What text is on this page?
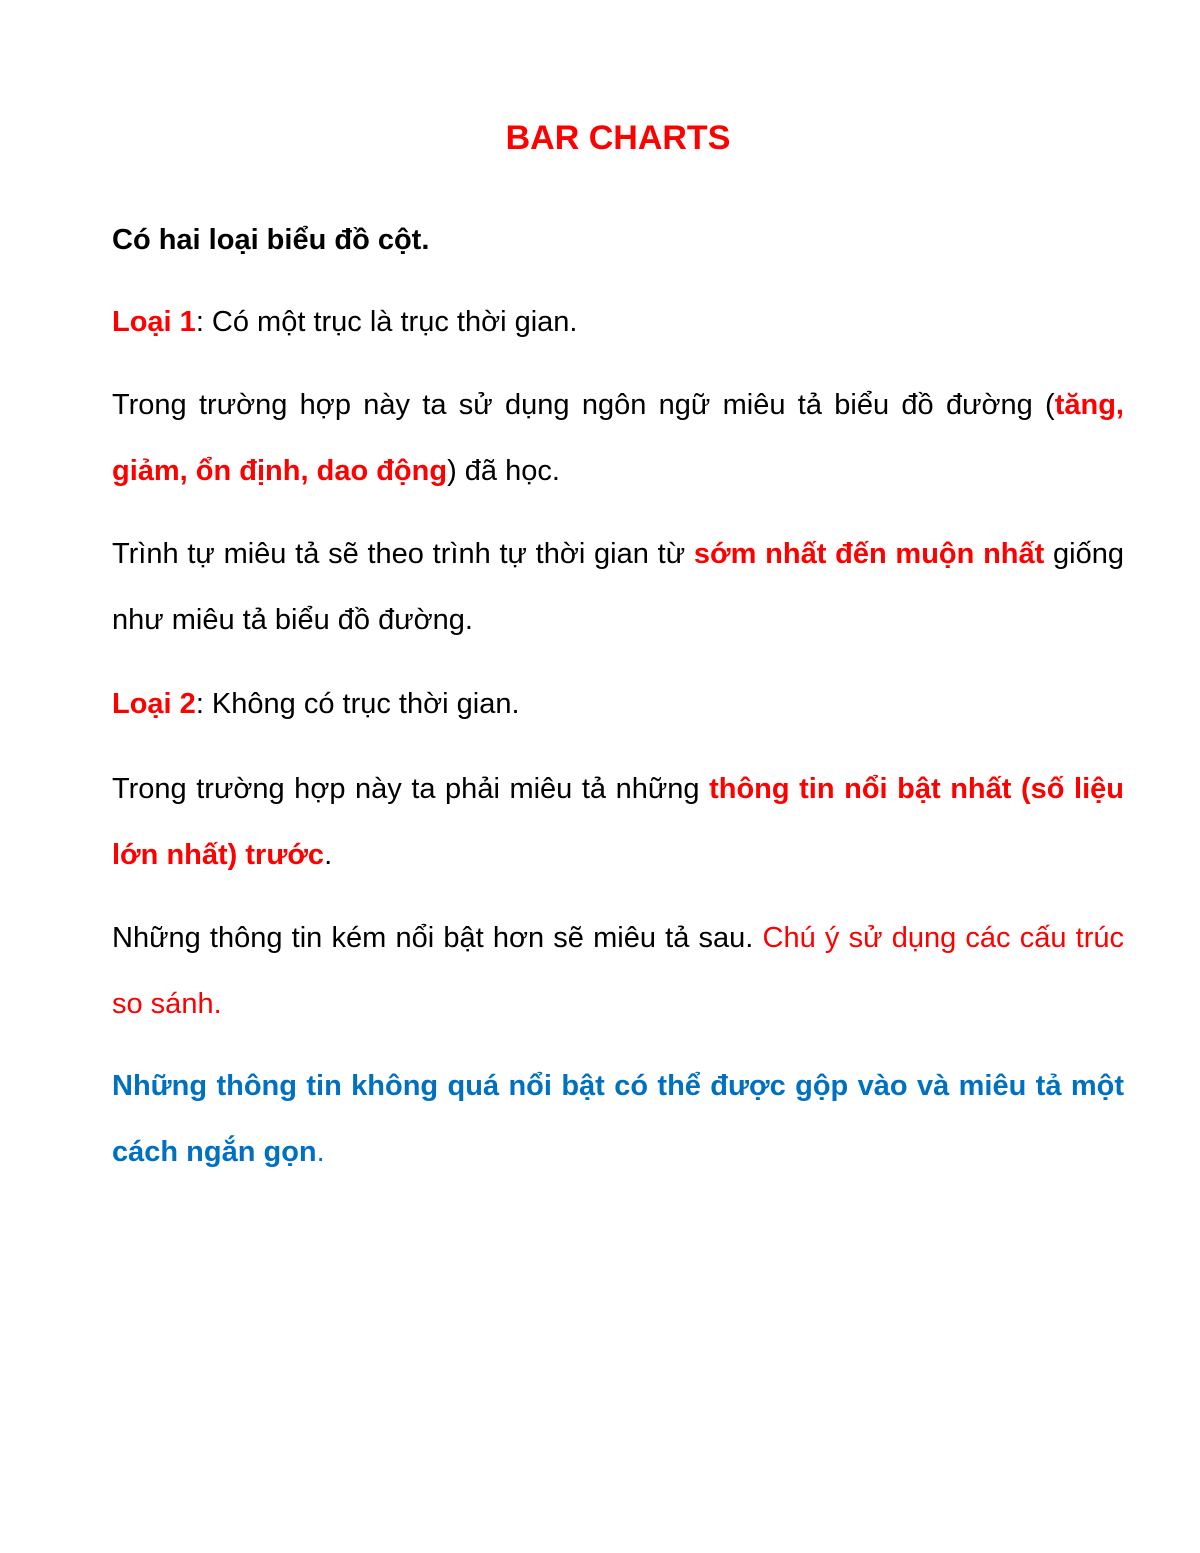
BAR CHARTS

Có hai loại biểu đồ cột.

Loại 1: Có một trục là trục thời gian.

Trong trường hợp này ta sử dụng ngôn ngữ miêu tả biểu đồ đường (tăng, giảm, ổn định, dao động) đã học.

Trình tự miêu tả sẽ theo trình tự thời gian từ sớm nhất đến muộn nhất giống như miêu tả biểu đồ đường.

Loại 2: Không có trục thời gian.

Trong trường hợp này ta phải miêu tả những thông tin nổi bật nhất (số liệu lớn nhất) trước.

Những thông tin kém nổi bật hơn sẽ miêu tả sau. Chú ý sử dụng các cấu trúc so sánh.

Những thông tin không quá nổi bật có thể được gộp vào và miêu tả một cách ngắn gọn.
